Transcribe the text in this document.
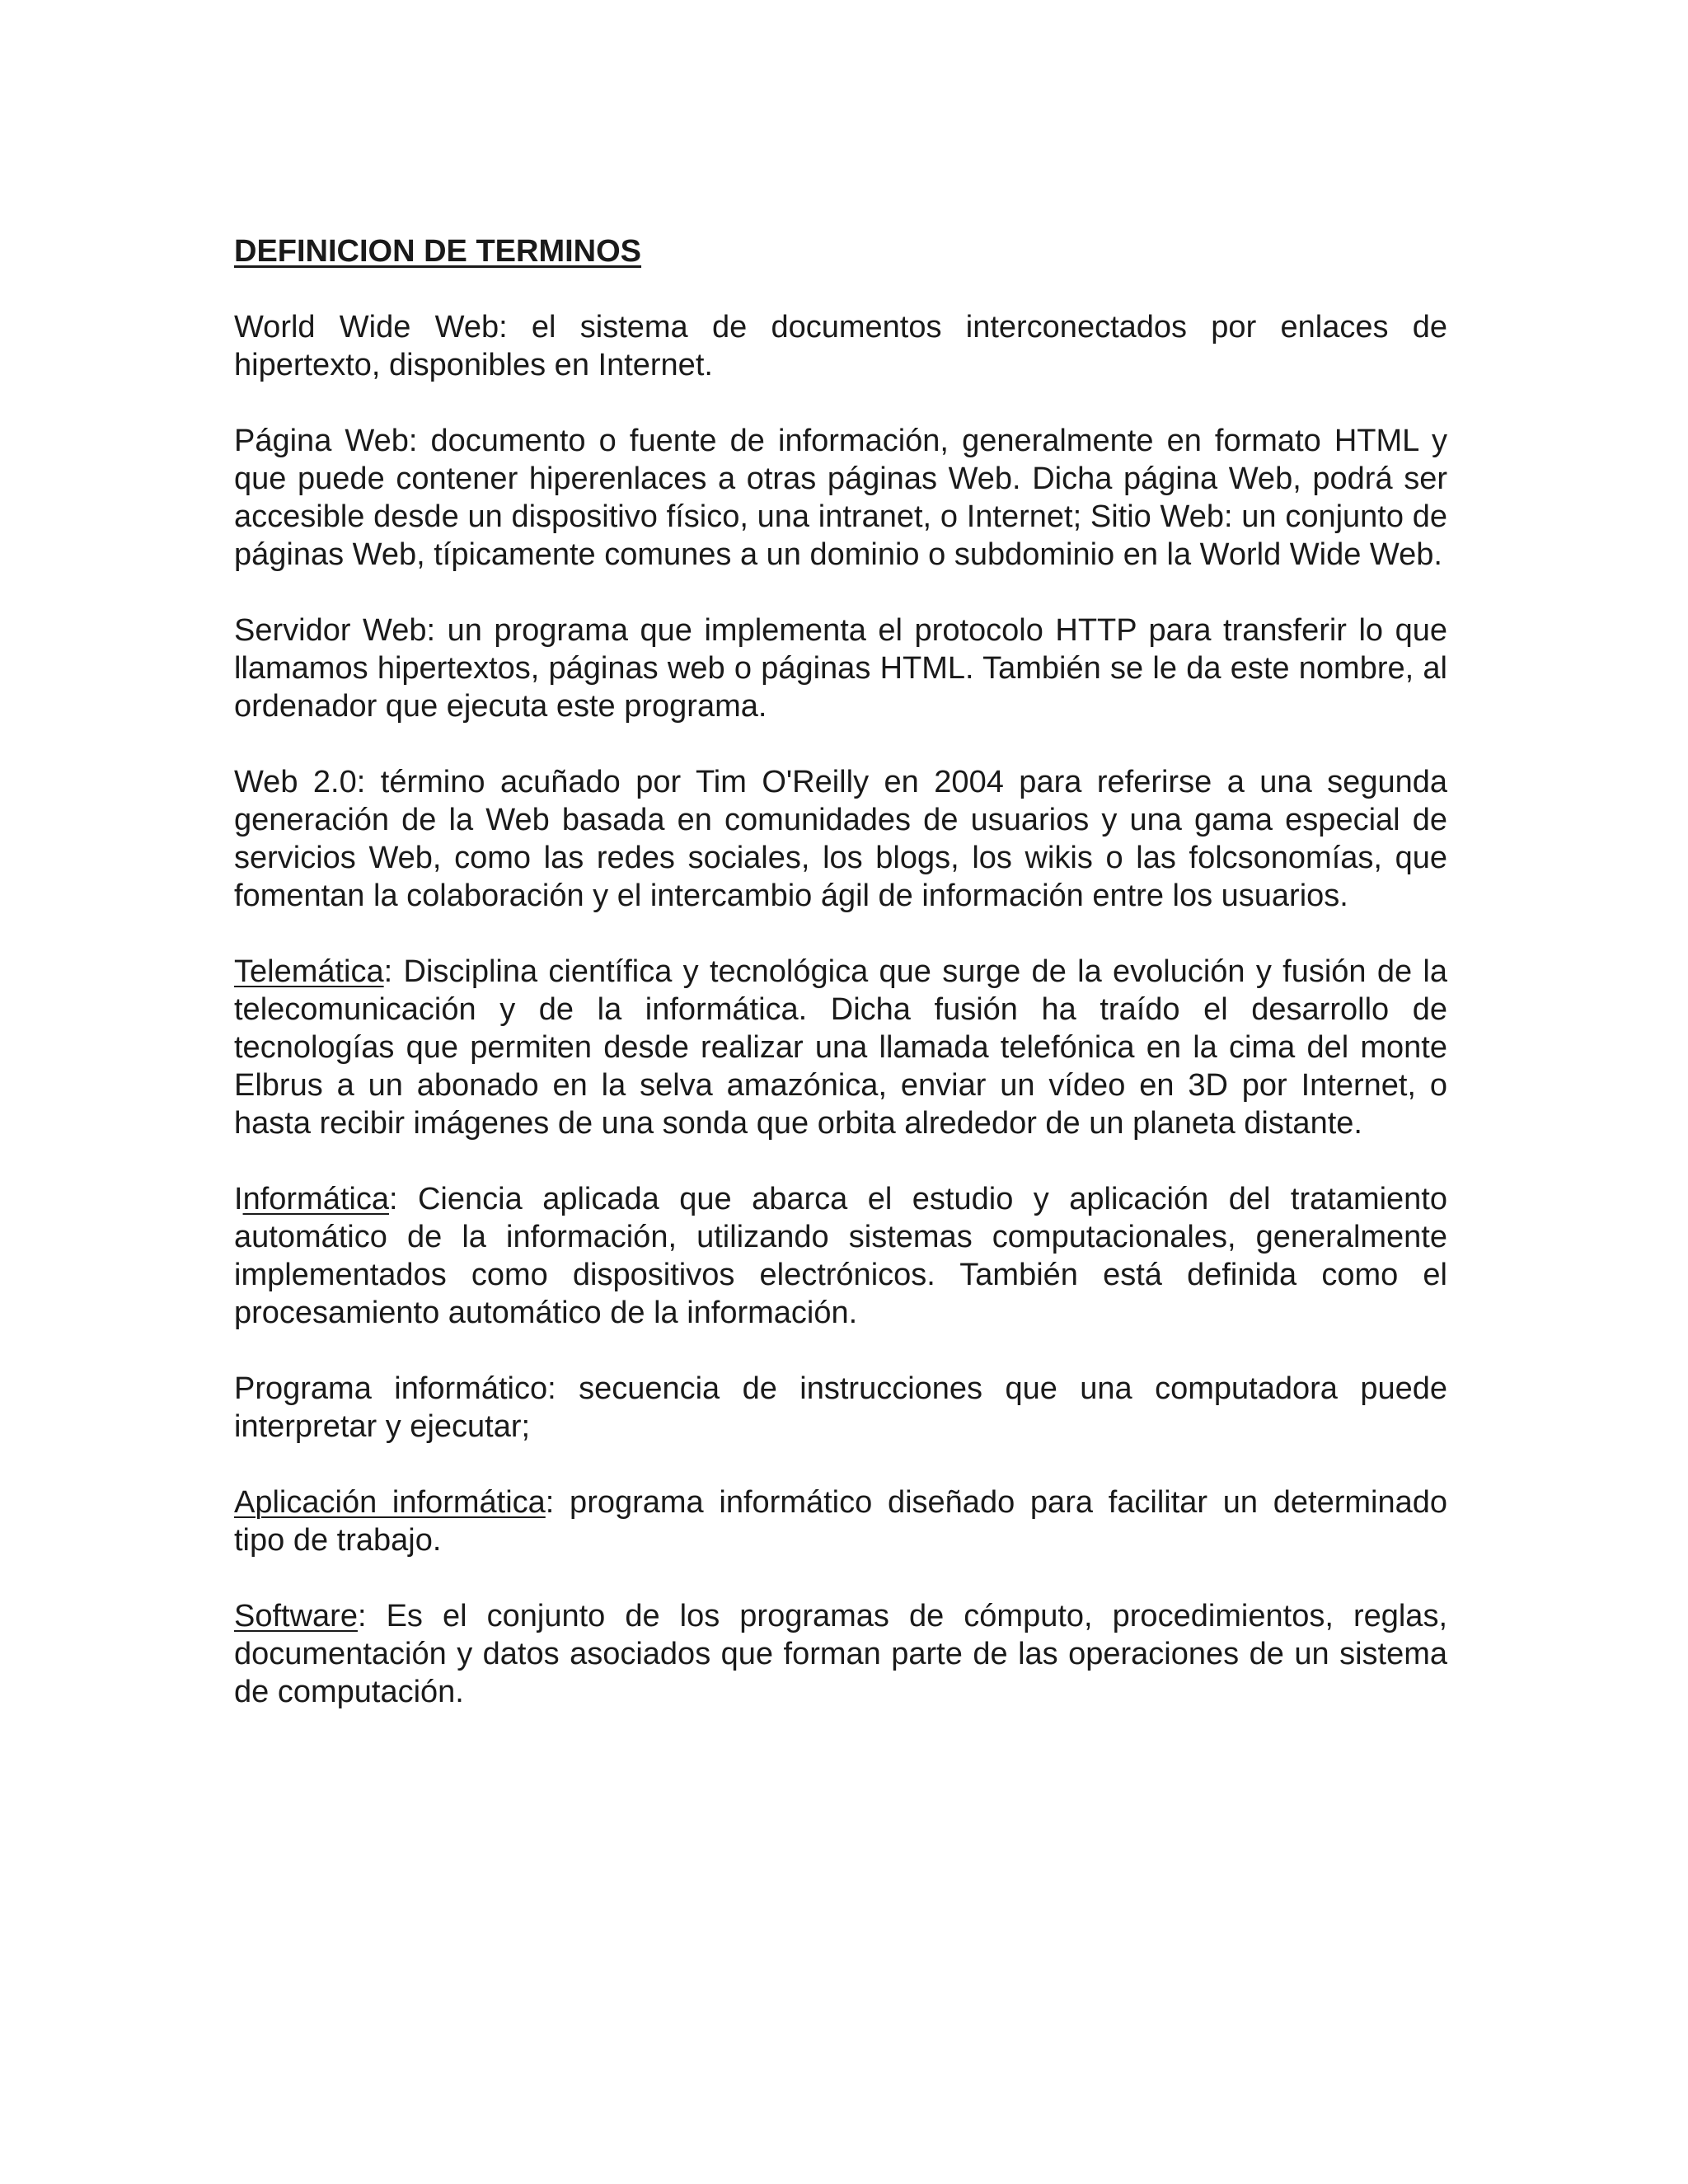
DEFINICION DE TERMINOS

World Wide Web: el sistema de documentos interconectados por enlaces de hipertexto, disponibles en Internet.

Página Web: documento o fuente de información, generalmente en formato HTML y que puede contener hiperenlaces a otras páginas Web. Dicha página Web, podrá ser accesible desde un dispositivo físico, una intranet, o Internet; Sitio Web: un conjunto de páginas Web, típicamente comunes a un dominio o subdominio en la World Wide Web.

Servidor Web: un programa que implementa el protocolo HTTP para transferir lo que llamamos hipertextos, páginas web o páginas HTML. También se le da este nombre, al ordenador que ejecuta este programa.

Web 2.0: término acuñado por Tim O'Reilly en 2004 para referirse a una segunda generación de la Web basada en comunidades de usuarios y una gama especial de servicios Web, como las redes sociales, los blogs, los wikis o las folcsonomías, que fomentan la colaboración y el intercambio ágil de información entre los usuarios.

Telemática: Disciplina científica y tecnológica que surge de la evolución y fusión de la telecomunicación y de la informática. Dicha fusión ha traído el desarrollo de tecnologías que permiten desde realizar una llamada telefónica en la cima del monte Elbrus a un abonado en la selva amazónica, enviar un vídeo en 3D por Internet, o hasta recibir imágenes de una sonda que orbita alrededor de un planeta distante.

Informática: Ciencia aplicada que abarca el estudio y aplicación del tratamiento automático de la información, utilizando sistemas computacionales, generalmente implementados como dispositivos electrónicos. También está definida como el procesamiento automático de la información.

Programa informático: secuencia de instrucciones que una computadora puede interpretar y ejecutar;

Aplicación informática: programa informático diseñado para facilitar un determinado tipo de trabajo.

Software: Es el conjunto de los programas de cómputo, procedimientos, reglas, documentación y datos asociados que forman parte de las operaciones de un sistema de computación.
